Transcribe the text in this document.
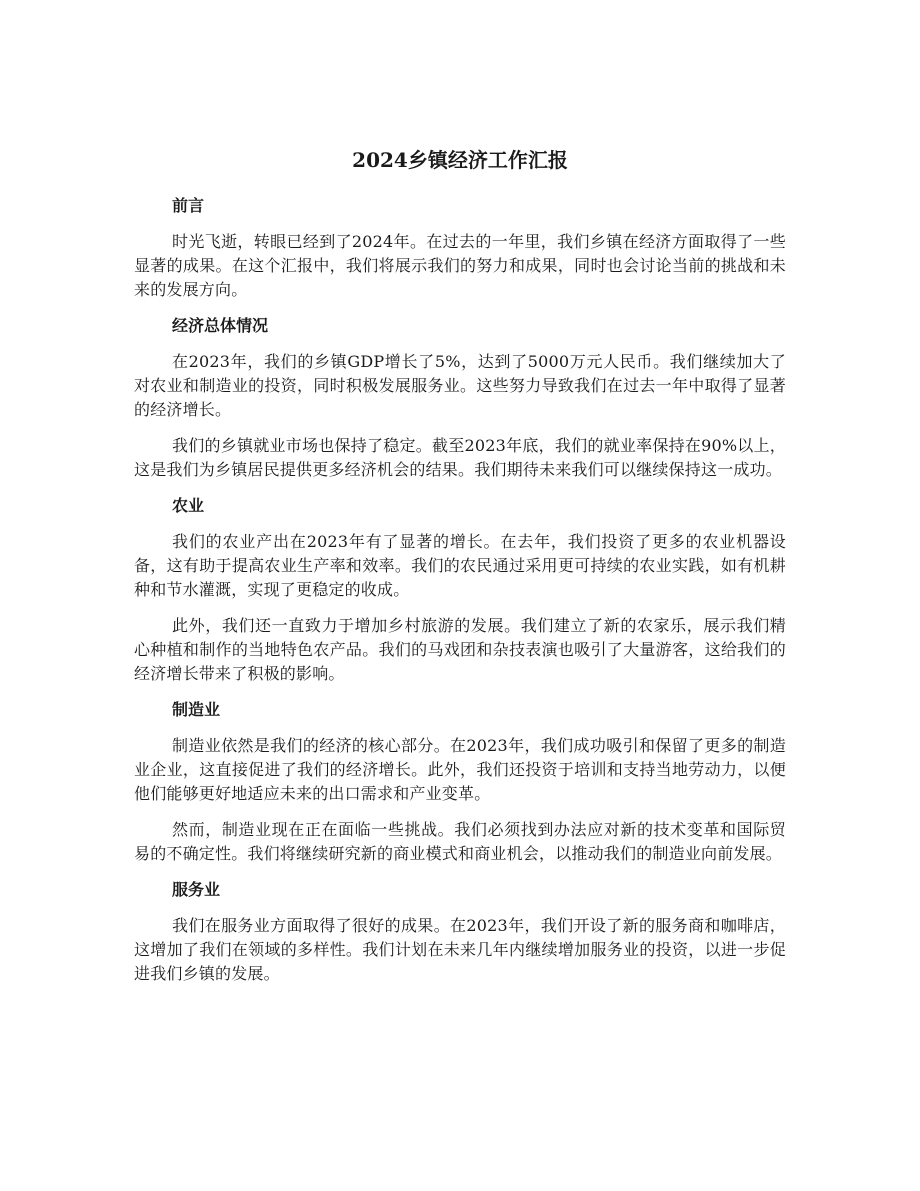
2024乡镇经济工作汇报
前言

时光飞逝，转眼已经到了2024年。在过去的一年里，我们乡镇在经济方面取得了一些显著的成果。在这个汇报中，我们将展示我们的努力和成果，同时也会讨论当前的挑战和未来的发展方向。

经济总体情况

在2023年，我们的乡镇GDP增长了5%，达到了5000万元人民币。我们继续加大了对农业和制造业的投资，同时积极发展服务业。这些努力导致我们在过去一年中取得了显著的经济增长。

我们的乡镇就业市场也保持了稳定。截至2023年底，我们的就业率保持在90%以上，这是我们为乡镇居民提供更多经济机会的结果。我们期待未来我们可以继续保持这一成功。

农业

我们的农业产出在2023年有了显著的增长。在去年，我们投资了更多的农业机器设备，这有助于提高农业生产率和效率。我们的农民通过采用更可持续的农业实践，如有机耕种和节水灌溉，实现了更稳定的收成。

此外，我们还一直致力于增加乡村旅游的发展。我们建立了新的农家乐，展示我们精心种植和制作的当地特色农产品。我们的马戏团和杂技表演也吸引了大量游客，这给我们的经济增长带来了积极的影响。

制造业

制造业依然是我们的经济的核心部分。在2023年，我们成功吸引和保留了更多的制造业企业，这直接促进了我们的经济增长。此外，我们还投资于培训和支持当地劳动力，以便他们能够更好地适应未来的出口需求和产业变革。

然而，制造业现在正在面临一些挑战。我们必须找到办法应对新的技术变革和国际贸易的不确定性。我们将继续研究新的商业模式和商业机会，以推动我们的制造业向前发展。

服务业

我们在服务业方面取得了很好的成果。在2023年，我们开设了新的服务商和咖啡店，这增加了我们在领域的多样性。我们计划在未来几年内继续增加服务业的投资，以进一步促进我们乡镇的发展。
